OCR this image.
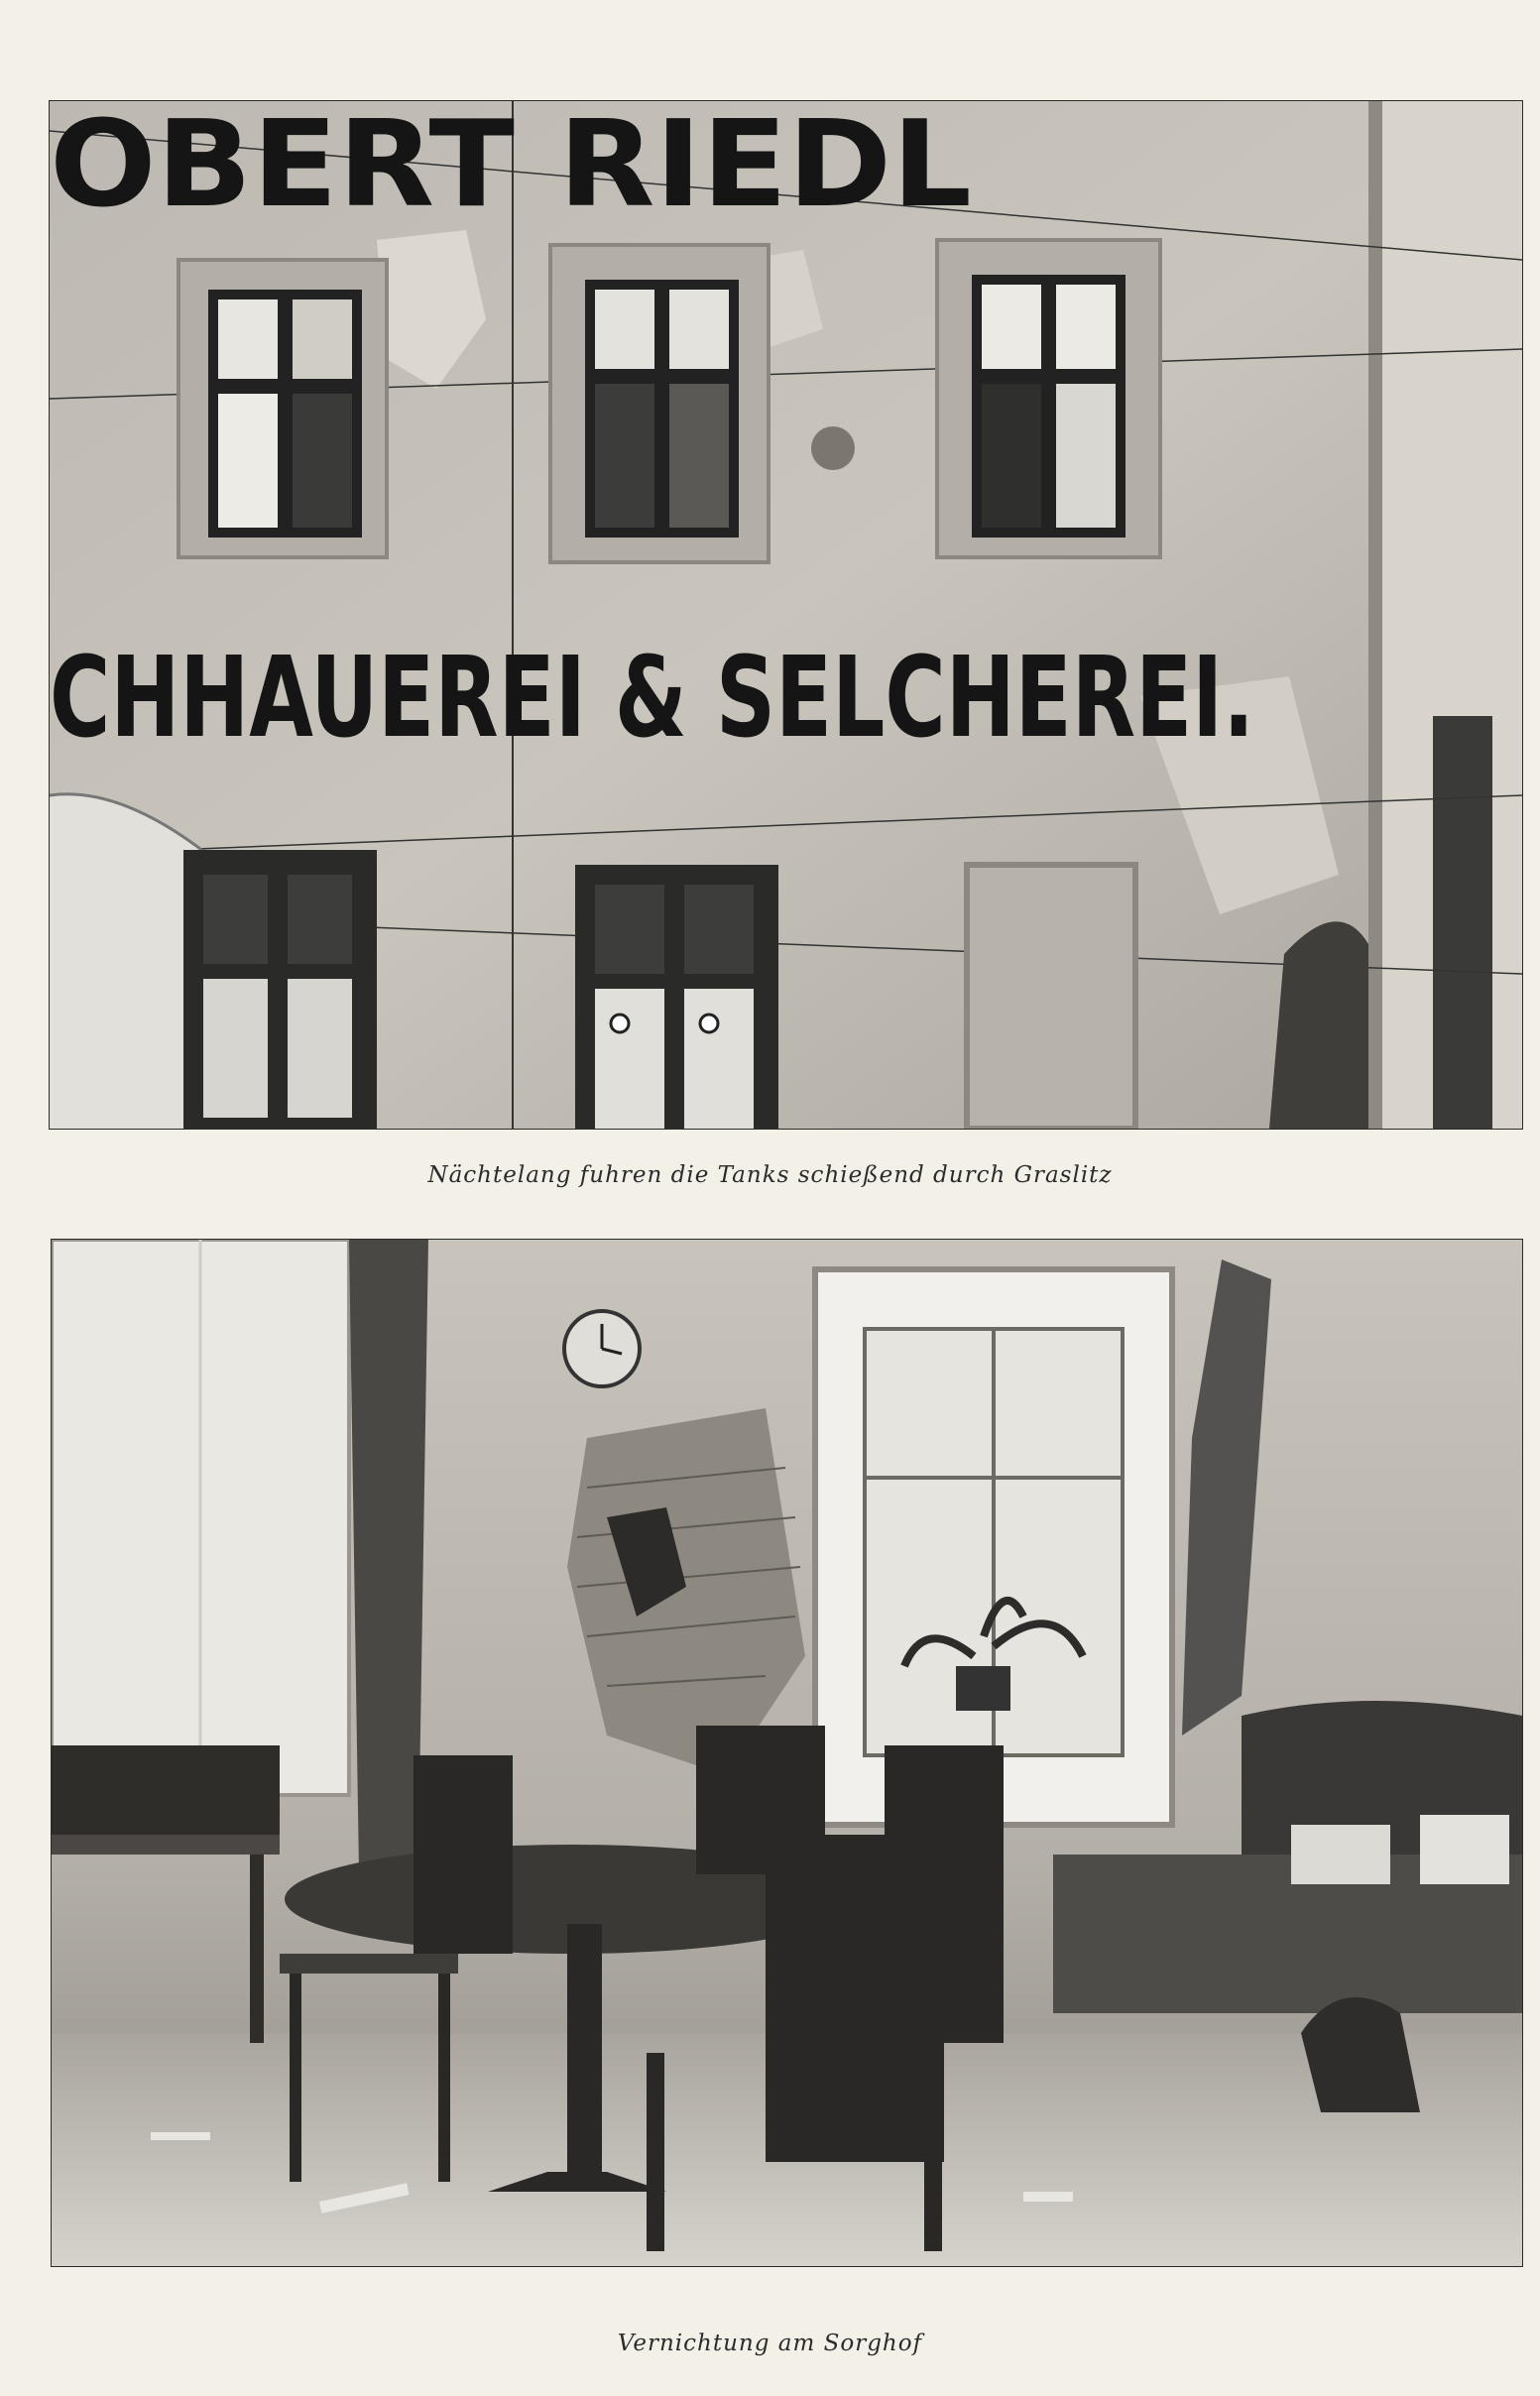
OBERT RIEDL
CHHAUEREI & SELCHEREI.
Nächtelang fuhren die Tanks schießend durch Graslitz
Vernichtung am Sorghof
